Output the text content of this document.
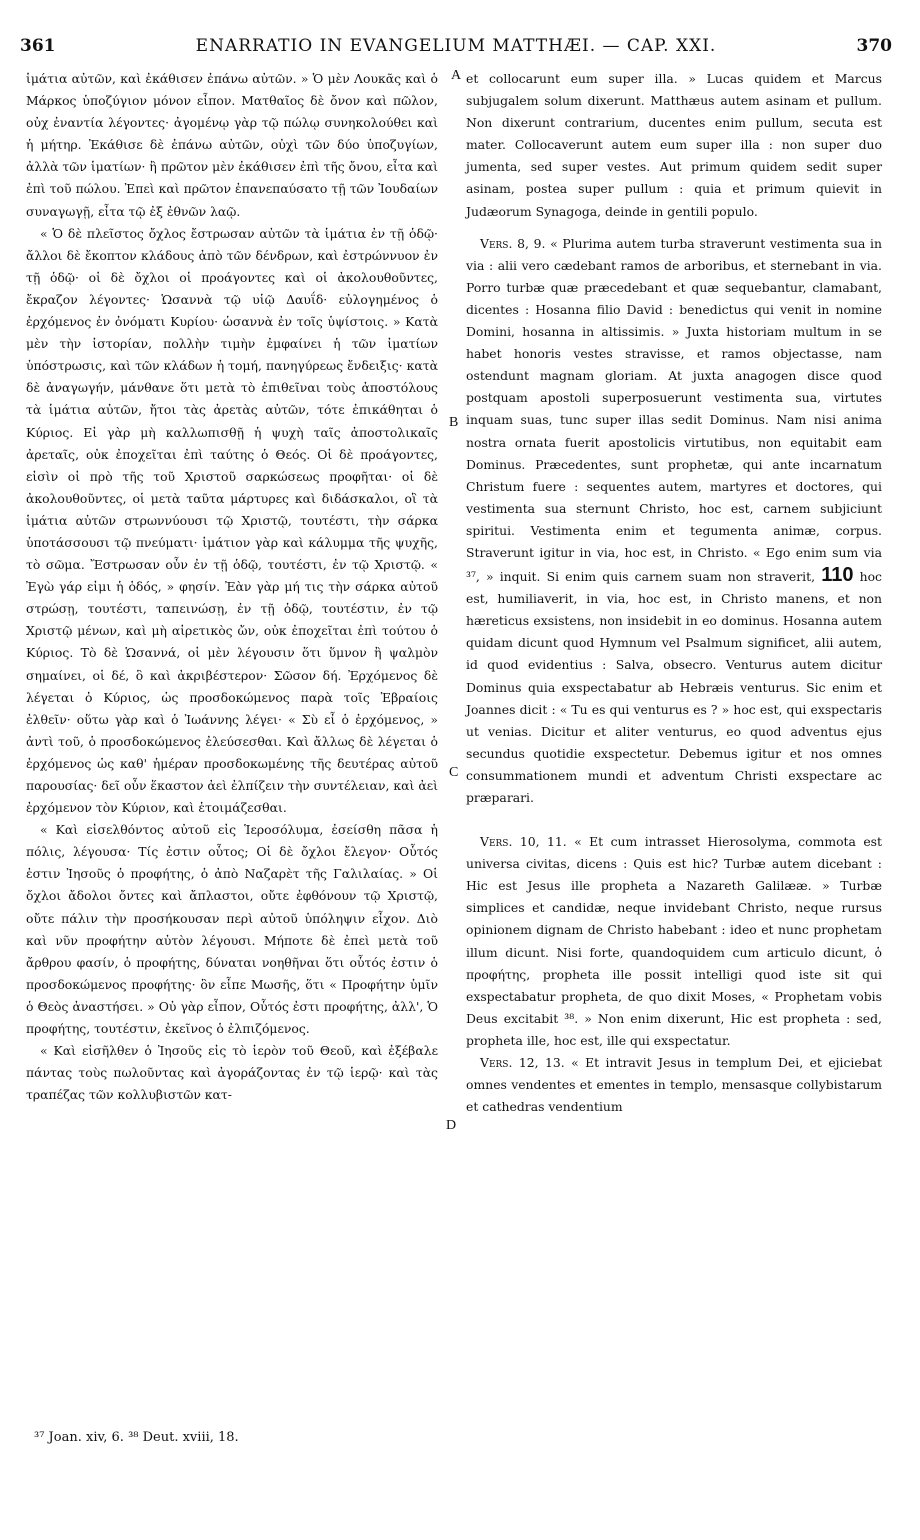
361	ENARRATIO IN EVANGELIUM MATTHÆI. — CAP. XXI.	370
A
B
C
D

ἱμάτια αὐτῶν, καὶ ἐκάθισεν ἐπάνω αὐτῶν. » Ὁ μὲν Λουκᾶς καὶ ὁ Μάρκος ὑποζύγιον μόνον εἶπον. Ματθαῖος δὲ ὄνον καὶ πῶλον, οὐχ ἐναντία λέγοντες· ἀγομένῳ γὰρ τῷ πώλῳ συνηκολούθει καὶ ἡ μήτηρ. Ἐκάθισε δὲ ἐπάνω αὐτῶν, οὐχὶ τῶν δύο ὑποζυγίων, ἀλλὰ τῶν ἱματίων· ἢ πρῶτον μὲν ἐκάθισεν ἐπὶ τῆς ὄνου, εἶτα καὶ ἐπὶ τοῦ πώλου. Ἐπεὶ καὶ πρῶτον ἐπανεπαύσατο τῇ τῶν Ἰουδαίων συναγωγῇ, εἶτα τῷ ἐξ ἐθνῶν λαῷ.

« Ὁ δὲ πλεῖστος ὄχλος ἔστρωσαν αὐτῶν τὰ ἱμάτια ἐν τῇ ὁδῷ· ἄλλοι δὲ ἔκοπτον κλάδους ἀπὸ τῶν δένδρων, καὶ ἐστρώννυον ἐν τῇ ὁδῷ· οἱ δὲ ὄχλοι οἱ προάγοντες καὶ οἱ ἀκολουθοῦντες, ἔκραζον λέγοντες· Ὡσαννὰ τῷ υἱῷ Δαυΐδ· εὐλογημένος ὁ ἐρχόμενος ἐν ὀνόματι Κυρίου· ὡσαννὰ ἐν τοῖς ὑψίστοις. » Κατὰ μὲν τὴν ἱστορίαν, πολλὴν τιμὴν ἐμφαίνει ἡ τῶν ἱματίων ὑπόστρωσις, καὶ τῶν κλάδων ἡ τομή, πανηγύρεως ἔνδειξις· κατὰ δὲ ἀναγωγήν, μάνθανε ὅτι μετὰ τὸ ἐπιθεῖναι τοὺς ἀποστόλους τὰ ἱμάτια αὐτῶν, ἤτοι τὰς ἀρετὰς αὐτῶν, τότε ἐπικάθηται ὁ Κύριος. Εἰ γὰρ μὴ καλλωπισθῇ ἡ ψυχὴ ταῖς ἀποστολικαῖς ἀρεταῖς, οὐκ ἐποχεῖται ἐπὶ ταύτης ὁ Θεός. Οἱ δὲ προάγοντες, εἰσὶν οἱ πρὸ τῆς τοῦ Χριστοῦ σαρκώσεως προφῆται· οἱ δὲ ἀκολουθοῦντες, οἱ μετὰ ταῦτα μάρτυρες καὶ διδάσκαλοι, οἳ τὰ ἱμάτια αὐτῶν στρωννύουσι τῷ Χριστῷ, τουτέστι, τὴν σάρκα ὑποτάσσουσι τῷ πνεύματι· ἱμάτιον γὰρ καὶ κάλυμμα τῆς ψυχῆς, τὸ σῶμα. Ἔστρωσαν οὖν ἐν τῇ ὁδῷ, τουτέστι, ἐν τῷ Χριστῷ. « Ἐγὼ γάρ εἰμι ἡ ὁδός, » φησίν. Ἐὰν γὰρ μή τις τὴν σάρκα αὐτοῦ στρώσῃ, τουτέστι, ταπεινώσῃ, ἐν τῇ ὁδῷ, τουτέστιν, ἐν τῷ Χριστῷ μένων, καὶ μὴ αἱρετικὸς ὤν, οὐκ ἐποχεῖται ἐπὶ τούτου ὁ Κύριος. Τὸ δὲ Ὡσαννά, οἱ μὲν λέγουσιν ὅτι ὕμνον ἢ ψαλμὸν σημαίνει, οἱ δέ, ὃ καὶ ἀκριβέστερον· Σῶσον δή. Ἐρχόμενος δὲ λέγεται ὁ Κύριος, ὡς προσδοκώμενος παρὰ τοῖς Ἑβραίοις ἐλθεῖν· οὕτω γὰρ καὶ ὁ Ἰωάννης λέγει· « Σὺ εἶ ὁ ἐρχόμενος, » ἀντὶ τοῦ, ὁ προσδοκώμενος ἐλεύσεσθαι. Καὶ ἄλλως δὲ λέγεται ὁ ἐρχόμενος ὡς καθ' ἡμέραν προσδοκωμένης τῆς δευτέρας αὐτοῦ παρουσίας· δεῖ οὖν ἕκαστον ἀεὶ ἐλπίζειν τὴν συντέλειαν, καὶ ἀεὶ ἐρχόμενον τὸν Κύριον, καὶ ἑτοιμάζεσθαι.

« Καὶ εἰσελθόντος αὐτοῦ εἰς Ἱεροσόλυμα, ἐσείσθη πᾶσα ἡ πόλις, λέγουσα· Τίς ἐστιν οὗτος; Οἱ δὲ ὄχλοι ἔλεγον· Οὗτός ἐστιν Ἰησοῦς ὁ προφήτης, ὁ ἀπὸ Ναζαρὲτ τῆς Γαλιλαίας. » Οἱ ὄχλοι ἄδολοι ὄντες καὶ ἄπλαστοι, οὔτε ἐφθόνουν τῷ Χριστῷ, οὔτε πάλιν τὴν προσήκουσαν περὶ αὐτοῦ ὑπόληψιν εἶχον. Διὸ καὶ νῦν προφήτην αὐτὸν λέγουσι. Μήποτε δὲ ἐπεὶ μετὰ τοῦ ἄρθρου φασίν, ὁ προφήτης, δύναται νοηθῆναι ὅτι οὗτός ἐστιν ὁ προσδοκώμενος προφήτης· ὃν εἶπε Μωσῆς, ὅτι « Προφήτην ὑμῖν ὁ Θεὸς ἀναστήσει. » Οὐ γὰρ εἶπον, Οὗτός ἐστι προφήτης, ἀλλ', Ὁ προφήτης, τουτέστιν, ἐκεῖνος ὁ ἐλπιζόμενος.

« Καὶ εἰσῆλθεν ὁ Ἰησοῦς εἰς τὸ ἱερὸν τοῦ Θεοῦ, καὶ ἐξέβαλε πάντας τοὺς πωλοῦντας καὶ ἀγοράζοντας ἐν τῷ ἱερῷ· καὶ τὰς τραπέζας τῶν κολλυβιστῶν κατ-

et collocarunt eum super illa. » Lucas quidem et Marcus subjugalem solum dixerunt. Matthæus autem asinam et pullum. Non dixerunt contrarium, ducentes enim pullum, secuta est mater. Collocaverunt autem eum super illa : non super duo jumenta, sed super vestes. Aut primum quidem sedit super asinam, postea super pullum : quia et primum quievit in Judæorum Synagoga, deinde in gentili populo.

Vers. 8, 9. « Plurima autem turba straverunt vestimenta sua in via : alii vero cædebant ramos de arboribus, et sternebant in via. Porro turbæ quæ præcedebant et quæ sequebantur, clamabant, dicentes : Hosanna filio David : benedictus qui venit in nomine Domini, hosanna in altissimis. » Juxta historiam multum in se habet honoris vestes stravisse, et ramos objectasse, nam ostendunt magnam gloriam. At juxta anagogen disce quod postquam apostoli superposuerunt vestimenta sua, virtutes inquam suas, tunc super illas sedit Dominus. Nam nisi anima nostra ornata fuerit apostolicis virtutibus, non equitabit eam Dominus. Præcedentes, sunt prophetæ, qui ante incarnatum Christum fuere : sequentes autem, martyres et doctores, qui vestimenta sua sternunt Christo, hoc est, carnem subjiciunt spiritui. Vestimenta enim et tegumenta animæ, corpus. Straverunt igitur in via, hoc est, in Christo. « Ego enim sum via ³⁷, » inquit. Si enim quis carnem suam non straverit, 110 hoc est, humiliaverit, in via, hoc est, in Christo manens, et non hæreticus exsistens, non insidebit in eo dominus. Hosanna autem quidam dicunt quod Hymnum vel Psalmum significet, alii autem, id quod evidentius : Salva, obsecro. Venturus autem dicitur Dominus quia exspectabatur ab Hebræis venturus. Sic enim et Joannes dicit : « Tu es qui venturus es ? » hoc est, qui exspectaris ut venias. Dicitur et aliter venturus, eo quod adventus ejus secundus quotidie exspectetur. Debemus igitur et nos omnes consummationem mundi et adventum Christi exspectare ac præparari.

Vers. 10, 11. « Et cum intrasset Hierosolyma, commota est universa civitas, dicens : Quis est hic? Turbæ autem dicebant : Hic est Jesus ille propheta a Nazareth Galilææ. » Turbæ simplices et candidæ, neque invidebant Christo, neque rursus opinionem dignam de Christo habebant : ideo et nunc prophetam illum dicunt. Nisi forte, quandoquidem cum articulo dicunt, ὁ προφήτης, propheta ille possit intelligi quod iste sit qui exspectabatur propheta, de quo dixit Moses, « Prophetam vobis Deus excitabit ³⁸. » Non enim dixerunt, Hic est propheta : sed, propheta ille, hoc est, ille qui exspectatur.

Vers. 12, 13. « Et intravit Jesus in templum Dei, et ejiciebat omnes vendentes et ementes in templo, mensasque collybistarum et cathedras vendentium

³⁷ Joan. xiv, 6. ³⁸ Deut. xviii, 18.
